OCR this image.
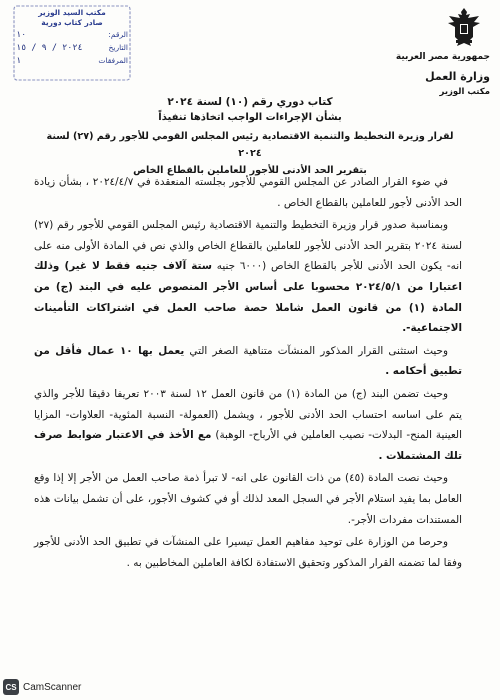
جمهورية مصر العربية
وزارة العمل
مكتب الوزير
مكتب السيد الوزير
صادر كتاب دورية
الرقم:
١٠
التاريخ
٢٠٢٤ / ٩ / ١٥
المرفقات
١
كتاب دوري رقم (١٠) لسنة ٢٠٢٤
بشأن الإجراءات الواجب اتخاذها تنفيذاً
لقرار وزيرة التخطيط والتنمية الاقتصادية رئيس المجلس القومي للأجور رقم (٢٧) لسنة ٢٠٢٤
بتقرير الحد الأدنى للأجور للعاملين بالقطاع الخاص

في ضوء القرار الصادر عن المجلس القومي للأجور بجلسته المنعقدة في ٢٠٢٤/٤/٧ ، بشأن زيادة الحد الأدنى لأجور للعاملين بالقطاع الخاص .

وبمناسبة صدور قرار وزيرة التخطيط والتنمية الاقتصادية رئيس المجلس القومي للأجور رقم (٢٧) لسنة ٢٠٢٤ بتقرير الحد الأدنى للأجور للعاملين بالقطاع الخاص والذي نص في المادة الأولى منه على انه- يكون الحد الأدنى للأجر بالقطاع الخاص (٦٠٠٠ جنيه ستة آلاف جنيه فقط لا غير) وذلك اعتبارا من ٢٠٢٤/٥/١ محسوبا على أساس الأجر المنصوص عليه في البند (ج) من المادة (١) من قانون العمل شاملا حصة صاحب العمل في اشتراكات التأمينات الاجتماعية-.

وحيث استثنى القرار المذكور المنشآت متناهية الصغر التي يعمل بها ١٠ عمال فأقل من تطبيق أحكامه .

وحيث تضمن البند (ج) من المادة (١) من قانون العمل ١٢ لسنة ٢٠٠٣ تعريفا دقيقا للأجر والذي يتم على اساسه احتساب الحد الأدنى للأجور ، ويشمل (العمولة- النسبة المئوية- العلاوات- المزايا العينية المنح- البدلات- نصيب العاملين في الأرباح- الوهبة) مع الأخذ في الاعتبار ضوابط صرف تلك المشتملات .

وحيث نصت المادة (٤٥) من ذات القانون على انه- لا تبرأ ذمة صاحب العمل من الأجر إلا إذا وقع العامل بما يفيد استلام الأجر في السجل المعد لذلك أو في كشوف الأجور، على أن تشمل بيانات هذه المستندات مفردات الأجر-.

وحرصا من الوزارة على توحيد مفاهيم العمل تيسيرا على المنشآت في تطبيق الحد الأدنى للأجور وفقا لما تضمنه القرار المذكور وتحقيق الاستفادة لكافة العاملين المخاطبين به .

CS CamScanner
